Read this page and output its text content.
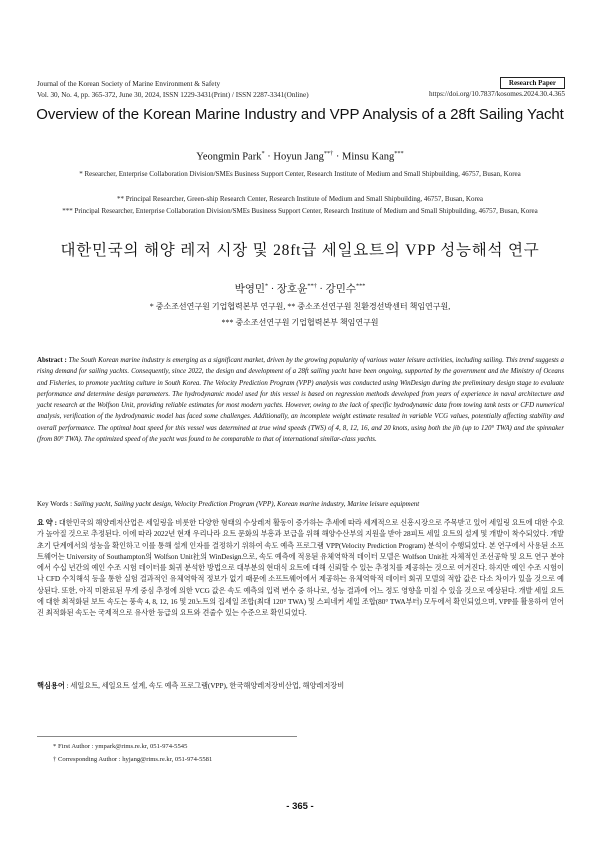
Journal of the Korean Society of Marine Environment & Safety
Vol. 30, No. 4, pp. 365-372, June 30, 2024, ISSN 1229-3431(Print) / ISSN 2287-3341(Online)
Research Paper
https://doi.org/10.7837/kosomes.2024.30.4.365
Overview of the Korean Marine Industry and VPP Analysis of a 28ft Sailing Yacht
Yeongmin Park* · Hoyun Jang**† · Minsu Kang***
* Researcher, Enterprise Collaboration Division/SMEs Business Support Center, Research Institute of Medium and Small Shipbuilding, 46757, Busan, Korea
** Principal Researcher, Green-ship Research Center, Research Institute of Medium and Small Shipbuilding, 46757, Busan, Korea
*** Principal Researcher, Enterprise Collaboration Division/SMEs Business Support Center, Research Institute of Medium and Small Shipbuilding, 46757, Busan, Korea
대한민국의 해양 레저 시장 및 28ft급 세일요트의 VPP 성능해석 연구
박영민* · 장호윤**† · 강민수***
* 중소조선연구원 기업협력본부 연구원, ** 중소조선연구원 친환경선박센터 책임연구원,
*** 중소조선연구원 기업협력본부 책임연구원
Abstract : The South Korean marine industry is emerging as a significant market, driven by the growing popularity of various water leisure activities, including sailing. This trend suggests a rising demand for sailing yachts. Consequently, since 2022, the design and development of a 28ft sailing yacht have been ongoing, supported by the government and the Ministry of Oceans and Fisheries, to promote yachting culture in South Korea. The Velocity Prediction Program (VPP) analysis was conducted using WinDesign during the preliminary design stage to evaluate performance and determine design parameters. The hydrodynamic model used for this vessel is based on regression methods developed from years of experience in naval architecture and yacht research at the Wolfson Unit, providing reliable estimates for most modern yachts. However, owing to the lack of specific hydrodynamic data from towing tank tests or CFD numerical analysis, verification of the hydrodynamic model has faced some challenges. Additionally, an incomplete weight estimate resulted in variable VCG values, potentially affecting stability and overall performance. The optimal boat speed for this vessel was determined at true wind speeds (TWS) of 4, 8, 12, 16, and 20 knots, using both the jib (up to 120° TWA) and the spinnaker (from 80° TWA). The optimized speed of the yacht was found to be comparable to that of international similar-class yachts.
Key Words : Sailing yacht, Sailing yacht design, Velocity Prediction Program (VPP), Korean marine industry, Marine leisure equipment
요 약 : 대한민국의 해양레저산업은 세일링을 비롯한 다양한 형태의 수상레저 활동이 증가하는 추세에 따라 세계적으로 신흥시장으로 주목받고 있어 세일링 요트에 대한 수요가 높아질 것으로 추정된다. 이에 따라 2022년 현재 우리나라 요트 문화의 부흥과 보급을 위해 해양수산부의 지원을 받아 28피트 세일 요트의 설계 및 개발이 착수되었다. 개발 초기 단계에서의 성능을 확인하고 이를 통해 설계 인자를 결정하기 위하여 속도 예측 프로그램 VPP(Velocity Prediction Program) 분석이 수행되었다. 본 연구에서 사용된 소프트웨어는 University of Southampton의 Wolfson Unit社의 WinDesign으로, 속도 예측에 적용된 유체역학적 데이터 모델은 Wolfson Unit社 자체적인 조선공학 및 요트 연구 분야에서 수십 년간의 예인 수조 시험 데이터를 회귀 분석한 방법으로 대부분의 현대식 요트에 대해 신뢰할 수 있는 추정치를 제공하는 것으로 여겨진다. 하지만 예인 수조 시험이나 CFD 수치해석 등을 통한 실험 결과적인 유체역학적 정보가 없기 때문에 소프트웨어에서 제공하는 유체역학적 데이터 회귀 모델의 적합 값은 다소 차이가 있을 것으로 예상된다. 또한, 아직 미완료된 무게 중심 추정에 의한 VCG 값은 속도 예측의 입력 변수 중 하나로, 성능 결과에 어느 정도 영향을 미칠 수 있을 것으로 예상된다. 개발 세일 요트에 대한 최적화된 보트 속도는 풍속 4, 8, 12, 16 및 20노트의 집세일 조합(최대 120° TWA) 및 스피네커 세일 조합(80° TWA부터) 모두에서 확인되었으며, VPP를 활용하여 얻어진 최적화된 속도는 국제적으로 유사한 등급의 요트와 견줄수 있는 수준으로 확인되었다.
핵심용어 : 세일요트, 세일요트 설계, 속도 예측 프로그램(VPP), 한국해양레저장비산업, 해양레저장비
* First Author : ympark@rims.re.kr, 051-974-5545
† Corresponding Author : hyjang@rims.re.kr, 051-974-5581
- 365 -
